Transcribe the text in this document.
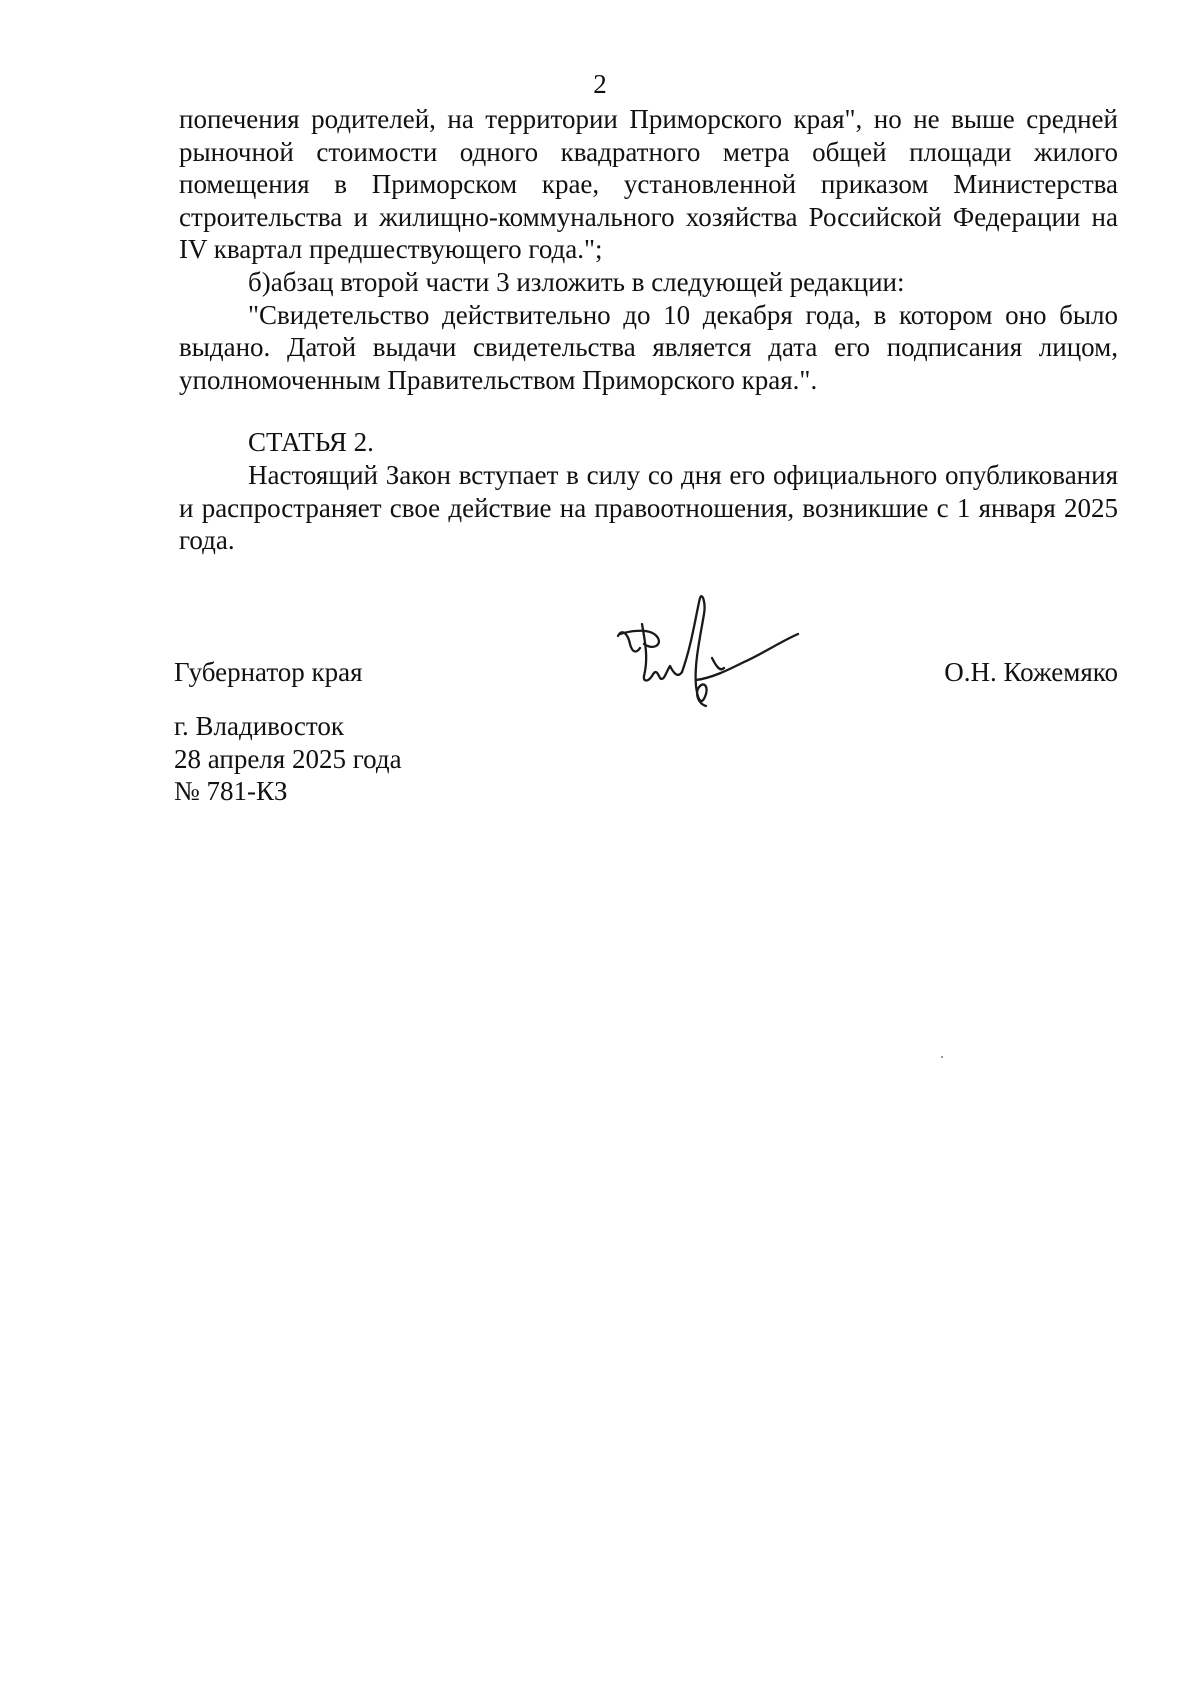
2

попечения родителей, на территории Приморского края", но не выше средней рыночной стоимости одного квадратного метра общей площади жилого помещения в Приморском крае, установленной приказом Министерства строительства и жилищно-коммунального хозяйства Российской Федерации на IV квартал предшествующего года.";

б)абзац второй части 3 изложить в следующей редакции:

"Свидетельство действительно до 10 декабря года, в котором оно было выдано. Датой выдачи свидетельства является дата его подписания лицом, уполномоченным Правительством Приморского края.".

СТАТЬЯ 2.

Настоящий Закон вступает в силу со дня его официального опубликования и распространяет свое действие на правоотношения, возникшие с 1 января 2025 года.

Губернатор края	О.Н. Кожемяко
г. Владивосток
28 апреля 2025 года
№ 781-КЗ
